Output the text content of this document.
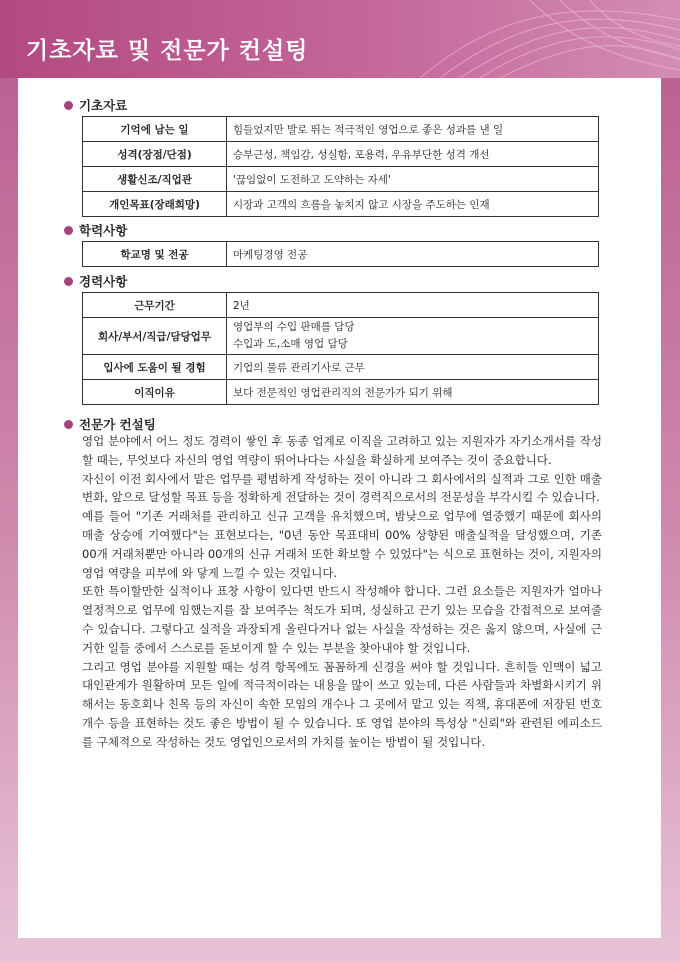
기초자료 및 전문가 컨설팅
기초자료
기억에 남는 일	힘들었지만 발로 뛰는 적극적인 영업으로 좋은 성과를 낸 일
성격(장점/단점)	승부근성, 책임감, 성실함, 포용력, 우유부단한 성격 개선
생활신조/직업관	'끊임없이 도전하고 도약하는 자세'
개인목표(장래희망)	시장과 고객의 흐름을 놓치지 않고 시장을 주도하는 인재
학력사항
학교명 및 전공	마케팅경영 전공
경력사항
근무기간	2년
회사/부서/직급/담당업무	영업부의 수입 판매를 담당
수입과 도,소매 영업 담당

입사에 도움이 될 경험	기업의 물류 관리기사로 근무
이직이유	보다 전문적인 영업관리직의 전문가가 되기 위해
전문가 컨설팅

영업 분야에서 어느 정도 경력이 쌓인 후 동종 업계로 이직을 고려하고 있는 지원자가 자기소개서를 작성할 때는, 무엇보다 자신의 영업 역량이 뛰어나다는 사실을 확실하게 보여주는 것이 중요합니다.

자신이 이전 회사에서 맡은 업무를 평범하게 작성하는 것이 아니라 그 회사에서의 실적과 그로 인한 매출 변화, 앞으로 달성할 목표 등을 정확하게 전달하는 것이 경력직으로서의 전문성을 부각시킬 수 있습니다.

예를 들어 "기존 거래처를 관리하고 신규 고객을 유치했으며, 밤낮으로 업무에 열중했기 때문에 회사의 매출 상승에 기여했다"는 표현보다는, "0년 동안 목표대비 00% 상향된 매출실적을 달성했으며, 기존 00개 거래처뿐만 아니라 00개의 신규 거래처 또한 확보할 수 있었다"는 식으로 표현하는 것이, 지원자의 영업 역량을 피부에 와 닿게 느낄 수 있는 것입니다.

또한 특이할만한 실적이나 표창 사항이 있다면 반드시 작성해야 합니다. 그런 요소들은 지원자가 얼마나 열정적으로 업무에 임했는지를 잘 보여주는 척도가 되며, 성실하고 끈기 있는 모습을 간접적으로 보여줄 수 있습니다. 그렇다고 실적을 과장되게 올린다거나 없는 사실을 작성하는 것은 옳지 않으며, 사실에 근거한 일들 중에서 스스로를 돋보이게 할 수 있는 부분을 찾아내야 할 것입니다.

그리고 영업 분야를 지원할 때는 성격 항목에도 꼼꼼하게 신경을 써야 할 것입니다. 흔히들 인맥이 넓고 대인관계가 원활하며 모든 일에 적극적이라는 내용을 많이 쓰고 있는데, 다른 사람들과 차별화시키기 위해서는 동호회나 친목 등의 자신이 속한 모임의 개수나 그 곳에서 맡고 있는 직책, 휴대폰에 저장된 번호 개수 등을 표현하는 것도 좋은 방법이 될 수 있습니다. 또 영업 분야의 특성상 "신뢰"와 관련된 에피소드를 구체적으로 작성하는 것도 영업인으로서의 가치를 높이는 방법이 될 것입니다.
